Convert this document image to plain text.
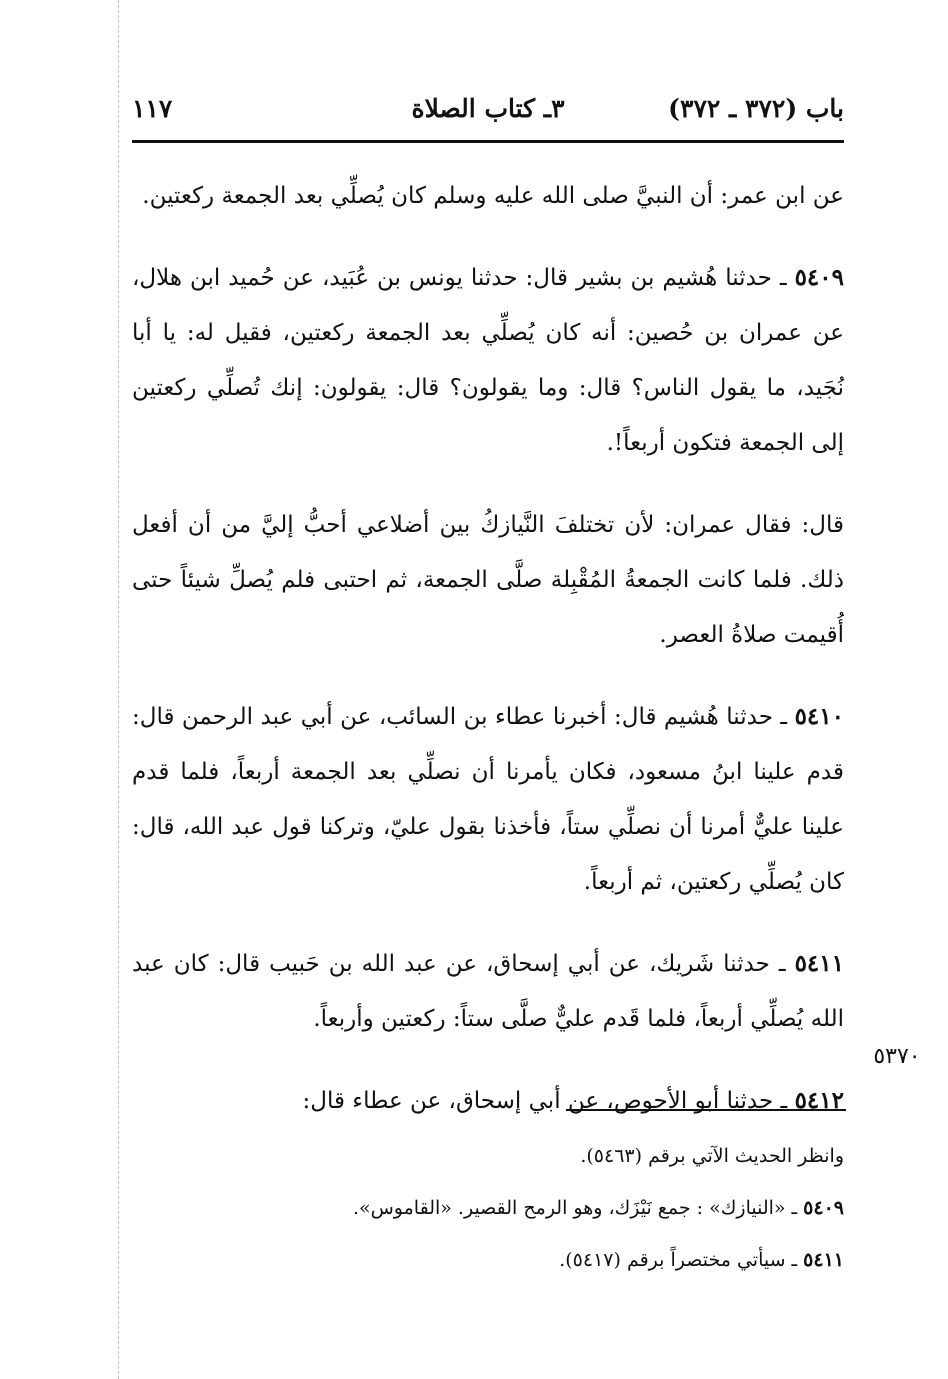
باب (٣٧٢ ـ ٣٧٢)
٣ـ كتاب الصلاة
١١٧

عن ابن عمر: أن النبيَّ صلى الله عليه وسلم كان يُصلِّي بعد الجمعة ركعتين.

٥٤٠٩ ـ حدثنا هُشيم بن بشير قال: حدثنا يونس بن عُبَيد، عن حُميد ابن هلال، عن عمران بن حُصين: أنه كان يُصلِّي بعد الجمعة ركعتين، فقيل له: يا أبا نُجَيد، ما يقول الناس؟ قال: وما يقولون؟ قال: يقولون: إنك تُصلِّي ركعتين إلى الجمعة فتكون أربعاً!.

قال: فقال عمران: لأن تختلفَ النَّيازكُ بين أضلاعي أحبُّ إليَّ من أن أفعل ذلك. فلما كانت الجمعةُ المُقْبِلة صلَّى الجمعة، ثم احتبى فلم يُصلِّ شيئاً حتى أُقيمت صلاةُ العصر.

٥٤١٠ ـ حدثنا هُشيم قال: أخبرنا عطاء بن السائب، عن أبي عبد الرحمن قال: قدم علينا ابنُ مسعود، فكان يأمرنا أن نصلِّي بعد الجمعة أربعاً، فلما قدم علينا عليٌّ أمرنا أن نصلِّي ستاً، فأخذنا بقول عليّ، وتركنا قول عبد الله، قال: كان يُصلِّي ركعتين، ثم أربعاً.

٥٤١١ ـ حدثنا شَريك، عن أبي إسحاق، عن عبد الله بن حَبيب قال: كان عبد الله يُصلِّي أربعاً، فلما قَدم عليٌّ صلَّى ستاً: ركعتين وأربعاً.

٥٤١٢ ـ حدثنا أبو الأحوص، عن أبي إسحاق، عن عطاء قال:

٥٣٧٠

وانظر الحديث الآتي برقم (٥٤٦٣).

٥٤٠٩ ـ «النيازك» : جمع نَيْزَك، وهو الرمح القصير. «القاموس».

٥٤١١ ـ سيأتي مختصراً برقم (٥٤١٧).
